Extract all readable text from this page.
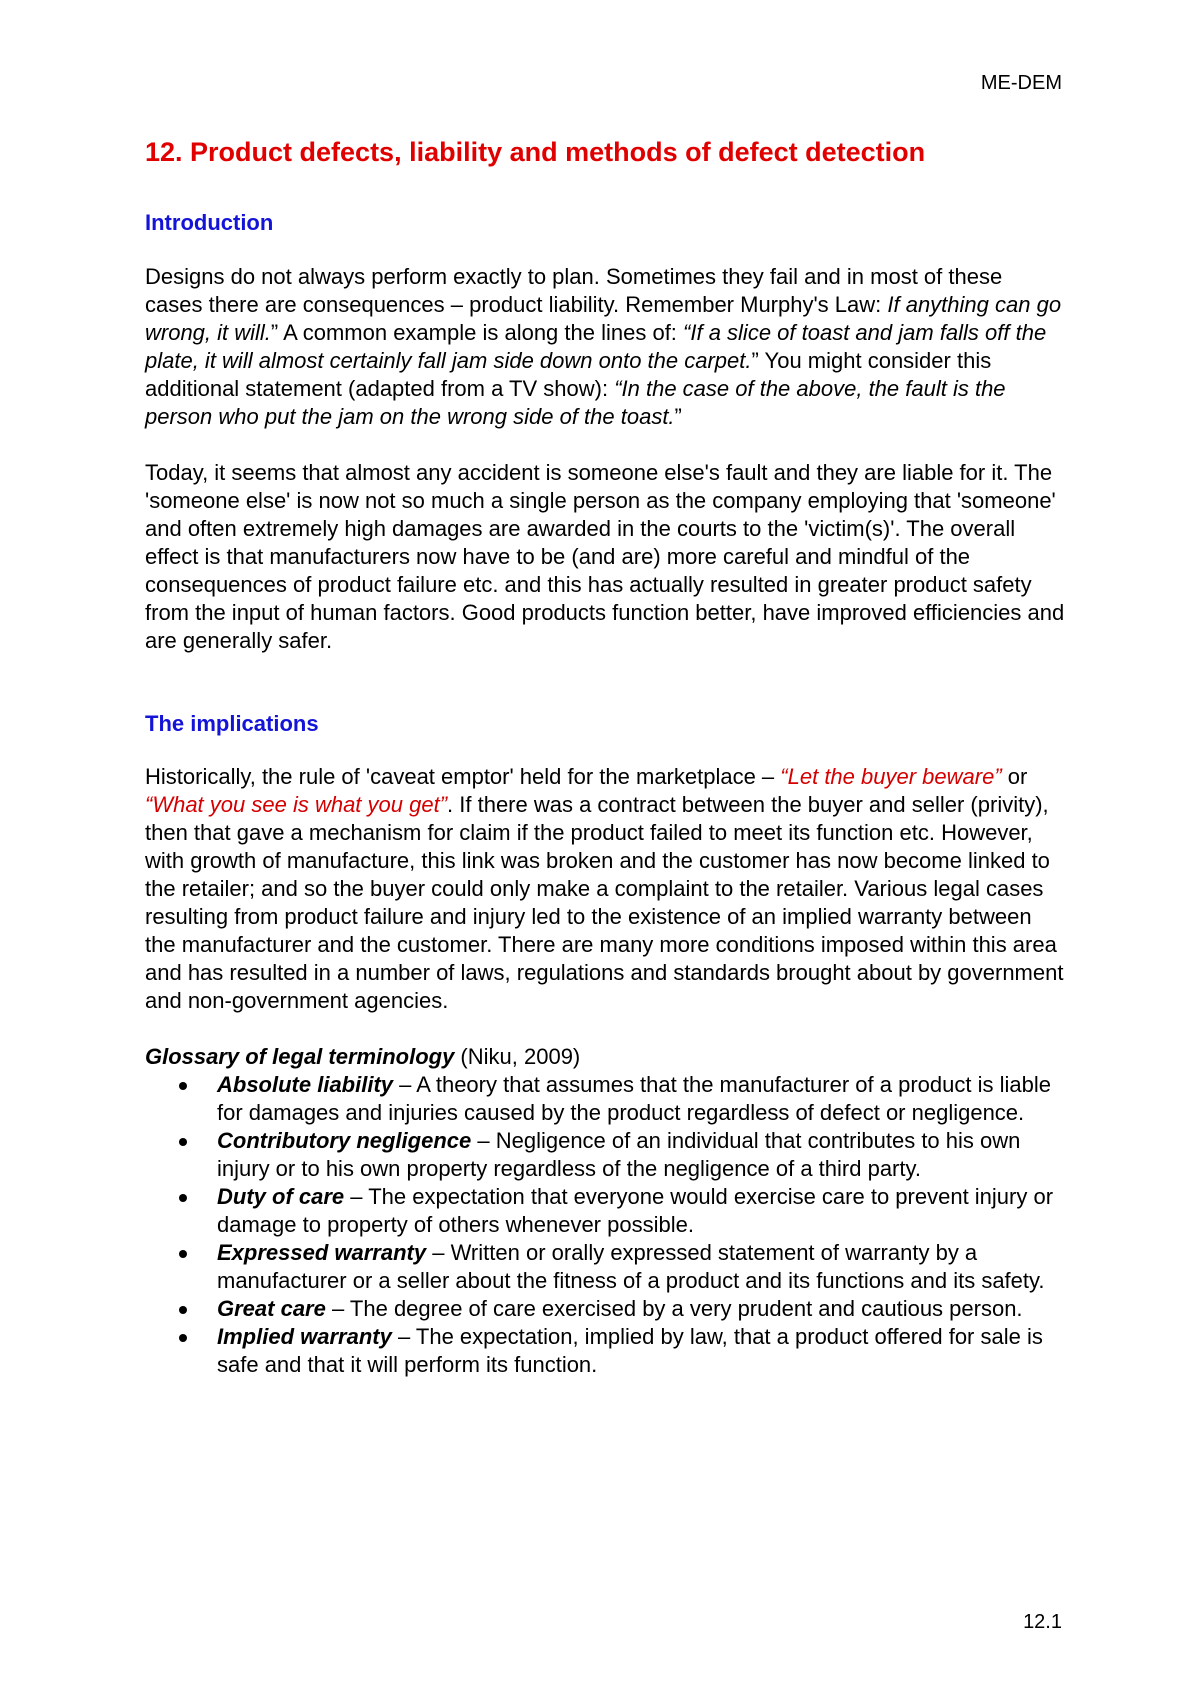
ME-DEM
12. Product defects, liability and methods of defect detection
Introduction

Designs do not always perform exactly to plan. Sometimes they fail and in most of these cases there are consequences – product liability. Remember Murphy's Law: If anything can go wrong, it will.” A common example is along the lines of: “If a slice of toast and jam falls off the plate, it will almost certainly fall jam side down onto the carpet.” You might consider this additional statement (adapted from a TV show): “In the case of the above, the fault is the person who put the jam on the wrong side of the toast.”

Today, it seems that almost any accident is someone else's fault and they are liable for it. The 'someone else' is now not so much a single person as the company employing that 'someone' and often extremely high damages are awarded in the courts to the 'victim(s)'. The overall effect is that manufacturers now have to be (and are) more careful and mindful of the consequences of product failure etc. and this has actually resulted in greater product safety from the input of human factors. Good products function better, have improved efficiencies and are generally safer.

The implications

Historically, the rule of 'caveat emptor' held for the marketplace – “Let the buyer beware” or “What you see is what you get”. If there was a contract between the buyer and seller (privity), then that gave a mechanism for claim if the product failed to meet its function etc. However, with growth of manufacture, this link was broken and the customer has now become linked to the retailer; and so the buyer could only make a complaint to the retailer. Various legal cases resulting from product failure and injury led to the existence of an implied warranty between the manufacturer and the customer. There are many more conditions imposed within this area and has resulted in a number of laws, regulations and standards brought about by government and non-government agencies.

Glossary of legal terminology (Niku, 2009)

Absolute liability – A theory that assumes that the manufacturer of a product is liable for damages and injuries caused by the product regardless of defect or negligence.
Contributory negligence – Negligence of an individual that contributes to his own injury or to his own property regardless of the negligence of a third party.
Duty of care – The expectation that everyone would exercise care to prevent injury or damage to property of others whenever possible.
Expressed warranty – Written or orally expressed statement of warranty by a manufacturer or a seller about the fitness of a product and its functions and its safety.
Great care – The degree of care exercised by a very prudent and cautious person.
Implied warranty – The expectation, implied by law, that a product offered for sale is safe and that it will perform its function.
12.1
